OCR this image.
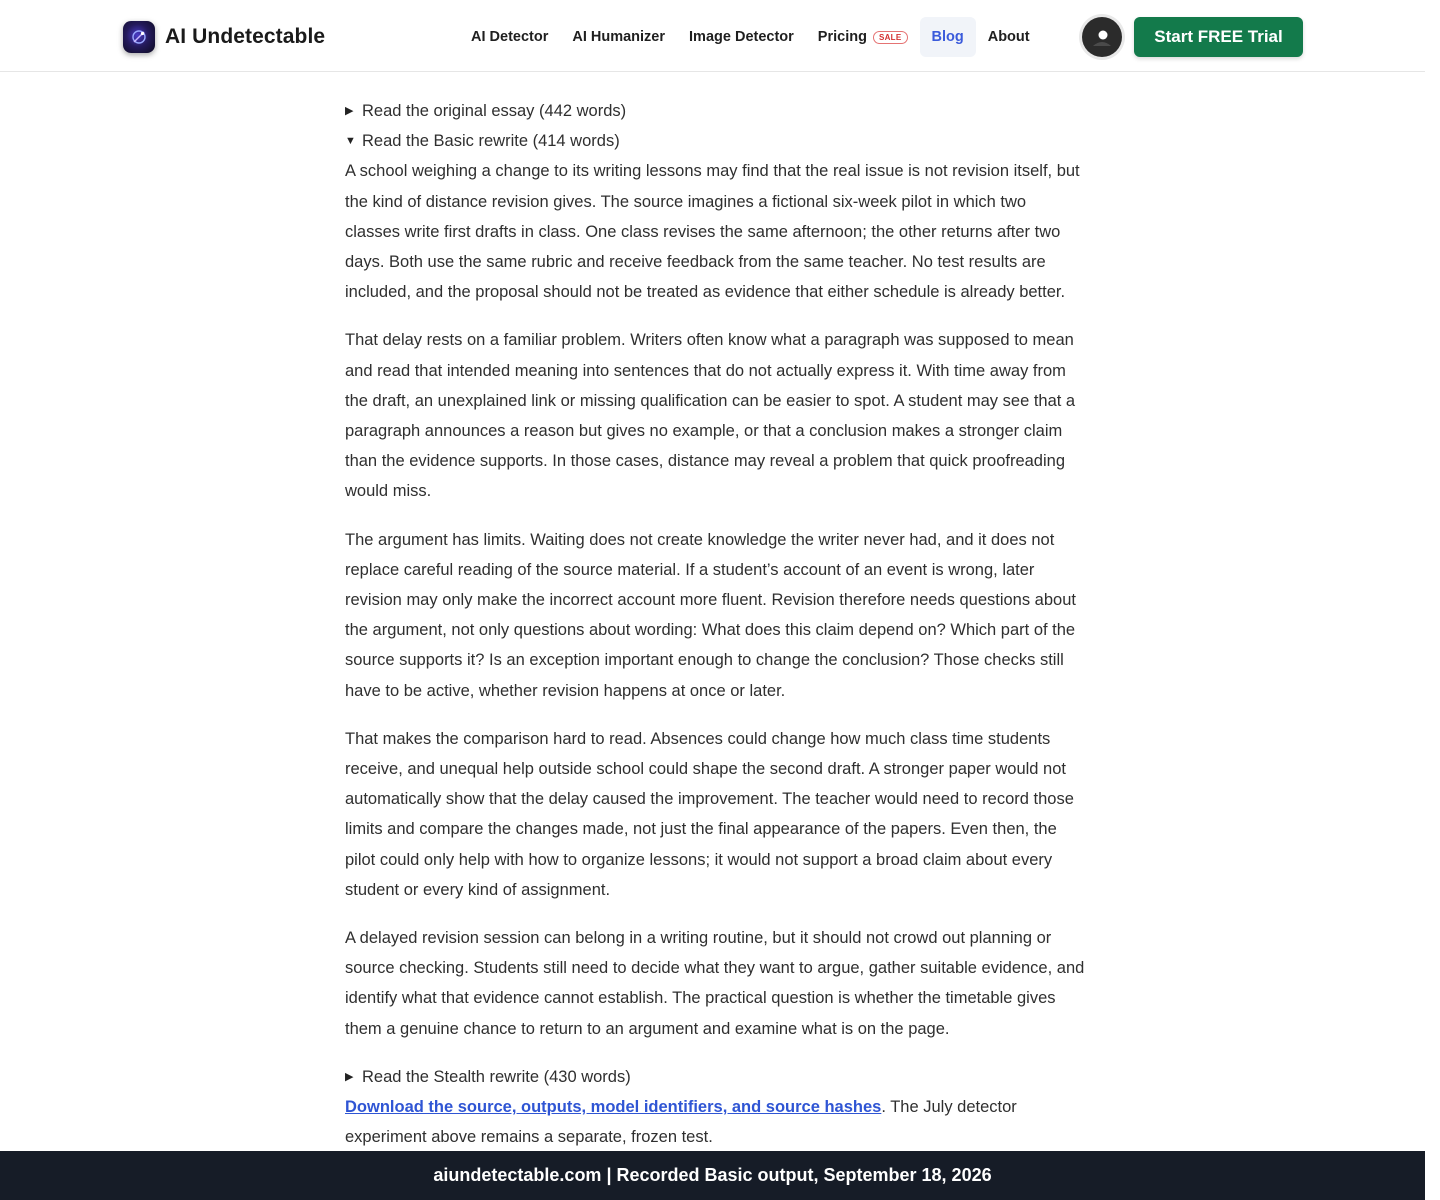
AI Undetectable	AI Detector	AI Humanizer	Image Detector	Pricing	SALE	Blog	About	Start FREE Trial
▶ Read the original essay (442 words)
▼ Read the Basic rewrite (414 words)

A school weighing a change to its writing lessons may find that the real issue is not revision itself, but the kind of distance revision gives. The source imagines a fictional six-week pilot in which two classes write first drafts in class. One class revises the same afternoon; the other returns after two days. Both use the same rubric and receive feedback from the same teacher. No test results are included, and the proposal should not be treated as evidence that either schedule is already better.

That delay rests on a familiar problem. Writers often know what a paragraph was supposed to mean and read that intended meaning into sentences that do not actually express it. With time away from the draft, an unexplained link or missing qualification can be easier to spot. A student may see that a paragraph announces a reason but gives no example, or that a conclusion makes a stronger claim than the evidence supports. In those cases, distance may reveal a problem that quick proofreading would miss.

The argument has limits. Waiting does not create knowledge the writer never had, and it does not replace careful reading of the source material. If a student’s account of an event is wrong, later revision may only make the incorrect account more fluent. Revision therefore needs questions about the argument, not only questions about wording: What does this claim depend on? Which part of the source supports it? Is an exception important enough to change the conclusion? Those checks still have to be active, whether revision happens at once or later.

That makes the comparison hard to read. Absences could change how much class time students receive, and unequal help outside school could shape the second draft. A stronger paper would not automatically show that the delay caused the improvement. The teacher would need to record those limits and compare the changes made, not just the final appearance of the papers. Even then, the pilot could only help with how to organize lessons; it would not support a broad claim about every student or every kind of assignment.

A delayed revision session can belong in a writing routine, but it should not crowd out planning or source checking. Students still need to decide what they want to argue, gather suitable evidence, and identify what that evidence cannot establish. The practical question is whether the timetable gives them a genuine chance to return to an argument and examine what is on the page.

▶ Read the Stealth rewrite (430 words)

Download the source, outputs, model identifiers, and source hashes. The July detector experiment above remains a separate, frozen test.

aiundetectable.com | Recorded Basic output, September 18, 2026
